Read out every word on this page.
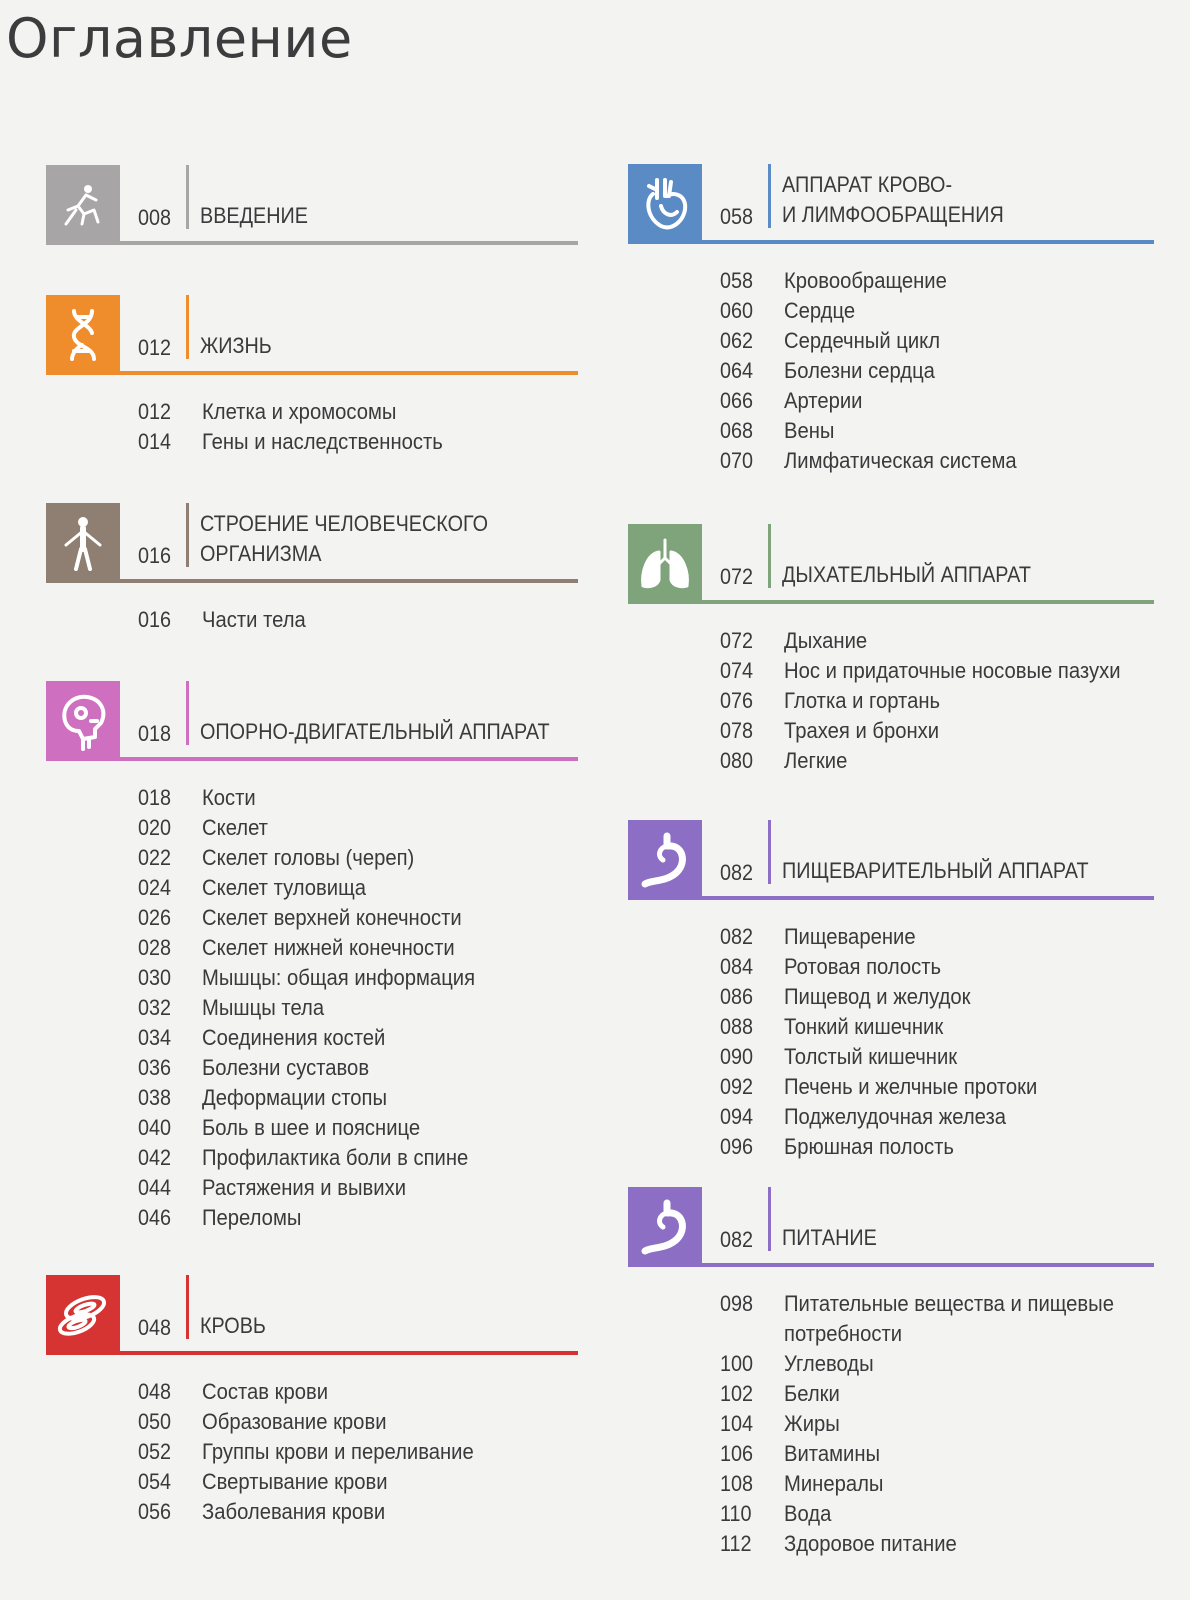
Оглавление
008 ВВЕДЕНИЕ
012 ЖИЗНЬ
012	Клетка и хромосомы
014	Гены и наследственность
016
СТРОЕНИЕ ЧЕЛОВЕЧЕСКОГО
ОРГАНИЗМА
016	Части тела
018 ОПОРНО-ДВИГАТЕЛЬНЫЙ АППАРАТ
018	Кости
020	Скелет
022	Скелет головы (череп)
024	Скелет туловища
026	Скелет верхней конечности
028	Скелет нижней конечности
030	Мышцы: общая информация
032	Мышцы тела
034	Соединения костей
036	Болезни суставов
038	Деформации стопы
040	Боль в шее и пояснице
042	Профилактика боли в спине
044	Растяжения и вывихи
046	Переломы
048 КРОВЬ
048	Состав крови
050	Образование крови
052	Группы крови и переливание
054	Свертывание крови
056	Заболевания крови
058
АППАРАТ КРОВО-
И ЛИМФООБРАЩЕНИЯ
058	Кровообращение
060	Сердце
062	Сердечный цикл
064	Болезни сердца
066	Артерии
068	Вены
070	Лимфатическая система
072 ДЫХАТЕЛЬНЫЙ АППАРАТ
072	Дыхание
074	Нос и придаточные носовые пазухи
076	Глотка и гортань
078	Трахея и бронхи
080	Легкие
082 ПИЩЕВАРИТЕЛЬНЫЙ АППАРАТ
082	Пищеварение
084	Ротовая полость
086	Пищевод и желудок
088	Тонкий кишечник
090	Толстый кишечник
092	Печень и желчные протоки
094	Поджелудочная железа
096	Брюшная полость
082 ПИТАНИЕ
098	Питательные вещества и пищевые
потребности
100	Углеводы
102	Белки
104	Жиры
106	Витамины
108	Минералы
110	Вода
112	Здоровое питание
